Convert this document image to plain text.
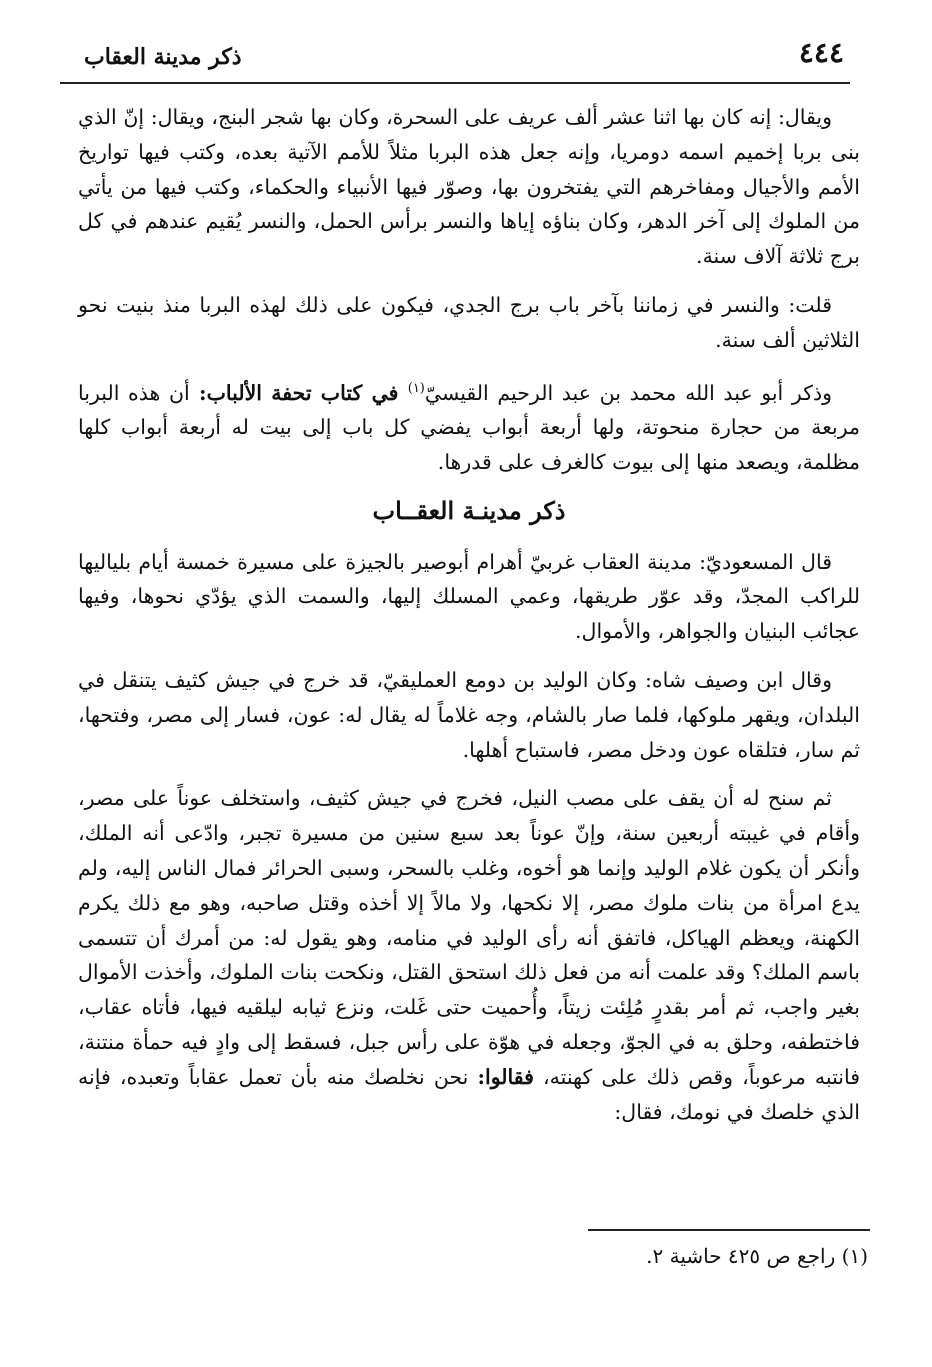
ذكر مدينة العقاب	٤٤٤

ويقال: إنه كان بها اثنا عشر ألف عريف على السحرة، وكان بها شجر البنج، ويقال: إنّ الذي بنى بربا إخميم اسمه دومريا، وإنه جعل هذه البربا مثلاً للأمم الآتية بعده، وكتب فيها تواريخ الأمم والأجيال ومفاخرهم التي يفتخرون بها، وصوّر فيها الأنبياء والحكماء، وكتب فيها من يأتي من الملوك إلى آخر الدهر، وكان بناؤه إياها والنسر برأس الحمل، والنسر يُقيم عندهم في كل برج ثلاثة آلاف سنة.

قلت: والنسر في زماننا بآخر باب برج الجدي، فيكون على ذلك لهذه البربا منذ بنيت نحو الثلاثين ألف سنة.

وذكر أبو عبد الله محمد بن عبد الرحيم القيسيّ$^{(١)}$ في كتاب تحفة الألباب: أن هذه البربا مربعة من حجارة منحوتة، ولها أربعة أبواب يفضي كل باب إلى بيت له أربعة أبواب كلها مظلمة، ويصعد منها إلى بيوت كالغرف على قدرها.

ذكر مدينـة العقــاب

قال المسعوديّ: مدينة العقاب غربيّ أهرام أبوصير بالجيزة على مسيرة خمسة أيام بلياليها للراكب المجدّ، وقد عوّر طريقها، وعمي المسلك إليها، والسمت الذي يؤدّي نحوها، وفيها عجائب البنيان والجواهر، والأموال.

وقال ابن وصيف شاه: وكان الوليد بن دومع العمليقيّ، قد خرج في جيش كثيف يتنقل في البلدان، ويقهر ملوكها، فلما صار بالشام، وجه غلاماً له يقال له: عون، فسار إلى مصر، وفتحها، ثم سار، فتلقاه عون ودخل مصر، فاستباح أهلها.

ثم سنح له أن يقف على مصب النيل، فخرج في جيش كثيف، واستخلف عوناً على مصر، وأقام في غيبته أربعين سنة، وإنّ عوناً بعد سبع سنين من مسيرة تجبر، وادّعى أنه الملك، وأنكر أن يكون غلام الوليد وإنما هو أخوه، وغلب بالسحر، وسبى الحرائر فمال الناس إليه، ولم يدع امرأة من بنات ملوك مصر، إلا نكحها، ولا مالاً إلا أخذه وقتل صاحبه، وهو مع ذلك يكرم الكهنة، ويعظم الهياكل، فاتفق أنه رأى الوليد في منامه، وهو يقول له: من أمرك أن تتسمى باسم الملك؟ وقد علمت أنه من فعل ذلك استحق القتل، ونكحت بنات الملوك، وأخذت الأموال بغير واجب، ثم أمر بقدرٍ مُلِئت زيتاً، وأُحميت حتى غَلت، ونزع ثيابه ليلقيه فيها، فأتاه عقاب، فاختطفه، وحلق به في الجوّ، وجعله في هوّة على رأس جبل، فسقط إلى وادٍ فيه حمأة منتنة، فانتبه مرعوباً، وقص ذلك على كهنته، فقالوا: نحن نخلصك منه بأن تعمل عقاباً وتعبده، فإنه الذي خلصك في نومك، فقال:

(١) راجع ص ٤٢٥ حاشية ٢.
